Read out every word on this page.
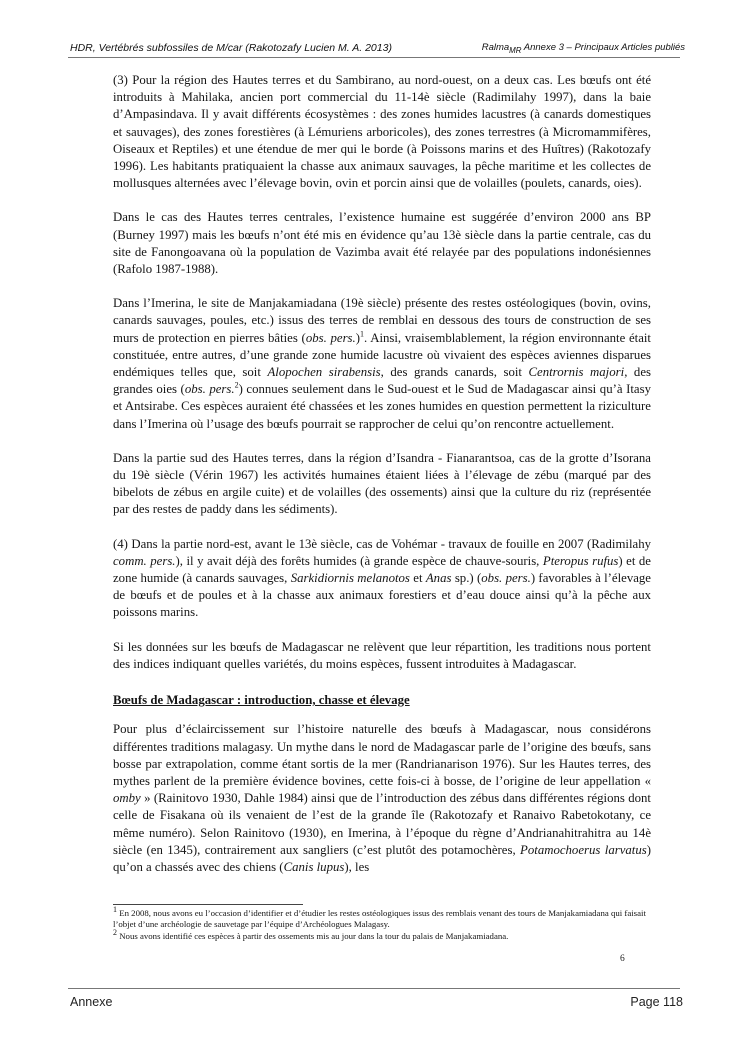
HDR, Vertébrés subfossiles de M/car (Rakotozafy Lucien M. A. 2013)	Ralma$_{MR}$ Annexe 3 – Principaux Articles publiés

(3) Pour la région des Hautes terres et du Sambirano, au nord-ouest, on a deux cas. Les bœufs ont été introduits à Mahilaka, ancien port commercial du 11-14è siècle (Radimilahy 1997), dans la baie d’Ampasindava. Il y avait différents écosystèmes : des zones humides lacustres (à canards domestiques et sauvages), des zones forestières (à Lémuriens arboricoles), des zones terrestres (à Micromammifères, Oiseaux et Reptiles) et une étendue de mer qui le borde (à Poissons marins et des Huîtres) (Rakotozafy 1996). Les habitants pratiquaient la chasse aux animaux sauvages, la pêche maritime et les collectes de mollusques alternées avec l’élevage bovin, ovin et porcin ainsi que de volailles (poulets, canards, oies).

Dans le cas des Hautes terres centrales, l’existence humaine est suggérée d’environ 2000 ans BP (Burney 1997) mais les bœufs n’ont été mis en évidence qu’au 13è siècle dans la partie centrale, cas du site de Fanongoavana où la population de Vazimba avait été relayée par des populations indonésiennes (Rafolo 1987-1988).

Dans l’Imerina, le site de Manjakamiadana (19è siècle) présente des restes ostéologiques (bovin, ovins, canards sauvages, poules, etc.) issus des terres de remblai en dessous des tours de construction de ses murs de protection en pierres bâties (obs. pers.)$^1$. Ainsi, vraisemblablement, la région environnante était constituée, entre autres, d’une grande zone humide lacustre où vivaient des espèces aviennes disparues endémiques telles que, soit Alopochen sirabensis, des grands canards, soit Centrornis majori, des grandes oies (obs. pers.$^2$) connues seulement dans le Sud-ouest et le Sud de Madagascar ainsi qu’à Itasy et Antsirabe. Ces espèces auraient été chassées et les zones humides en question permettent la riziculture dans l’Imerina où l’usage des bœufs pourrait se rapprocher de celui qu’on rencontre actuellement.

Dans la partie sud des Hautes terres, dans la région d’Isandra - Fianarantsoa, cas de la grotte d’Isorana du 19è siècle (Vérin 1967) les activités humaines étaient liées à l’élevage de zébu (marqué par des bibelots de zébus en argile cuite) et de volailles (des ossements) ainsi que la culture du riz (représentée par des restes de paddy dans les sédiments).

(4) Dans la partie nord-est, avant le 13è siècle, cas de Vohémar - travaux de fouille en 2007 (Radimilahy comm. pers.), il y avait déjà des forêts humides (à grande espèce de chauve-souris, Pteropus rufus) et de zone humide (à canards sauvages, Sarkidiornis melanotos et Anas sp.) (obs. pers.) favorables à l’élevage de bœufs et de poules et à la chasse aux animaux forestiers et d’eau douce ainsi qu’à la pêche aux poissons marins.

Si les données sur les bœufs de Madagascar ne relèvent que leur répartition, les traditions nous portent des indices indiquant quelles variétés, du moins espèces, fussent introduites à Madagascar.

Bœufs de Madagascar : introduction, chasse et élevage

Pour plus d’éclaircissement sur l’histoire naturelle des bœufs à Madagascar, nous considérons différentes traditions malagasy. Un mythe dans le nord de Madagascar parle de l’origine des bœufs, sans bosse par extrapolation, comme étant sortis de la mer (Randrianarison 1976). Sur les Hautes terres, des mythes parlent de la première évidence bovines, cette fois-ci à bosse, de l’origine de leur appellation « omby » (Rainitovo 1930, Dahle 1984) ainsi que de l’introduction des zébus dans différentes régions dont celle de Fisakana où ils venaient de l’est de la grande île (Rakotozafy et Ranaivo Rabetokotany, ce même numéro). Selon Rainitovo (1930), en Imerina, à l’époque du règne d’Andrianahitrahitra au 14è siècle (en 1345), contrairement aux sangliers (c’est plutôt des potamochères, Potamochoerus larvatus) qu’on a chassés avec des chiens (Canis lupus), les

$^1$ En 2008, nous avons eu l’occasion d’identifier et d’étudier les restes ostéologiques issus des remblais venant des tours de Manjakamiadana qui faisait l’objet d’une archéologie de sauvetage par l’équipe d’Archéologues Malagasy.

$^2$ Nous avons identifié ces espèces à partir des ossements mis au jour dans la tour du palais de Manjakamiadana.

6
Annexe	Page 118
